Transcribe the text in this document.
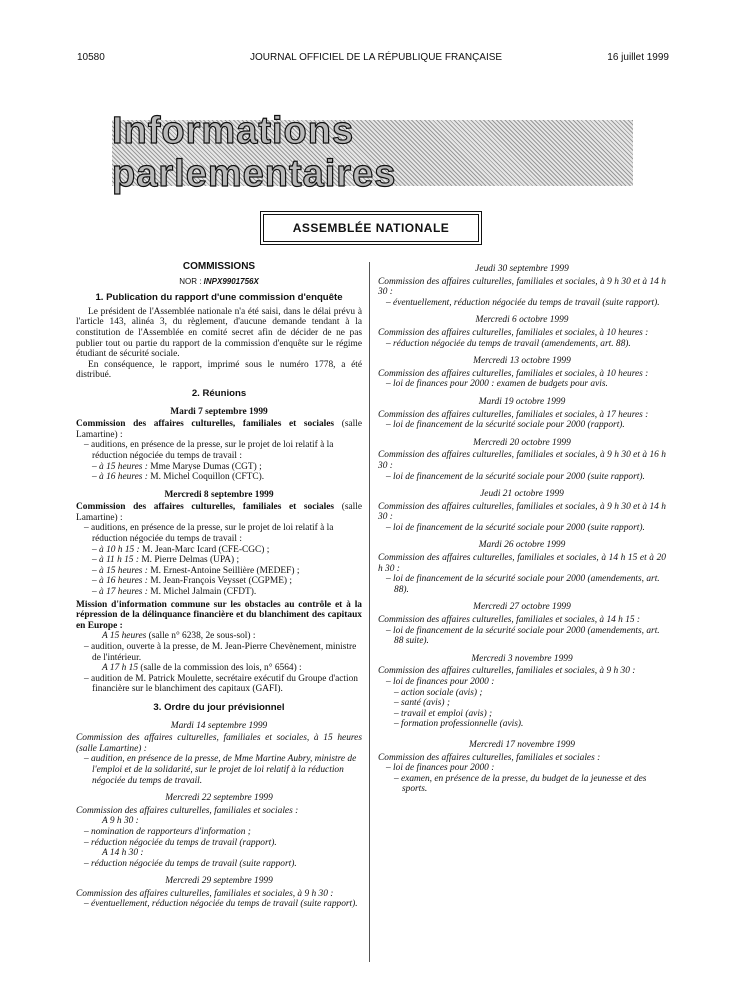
10580	JOURNAL OFFICIEL DE LA RÉPUBLIQUE FRANÇAISE	16 juillet 1999
Informations parlementaires
ASSEMBLÉE NATIONALE

COMMISSIONS

NOR : INPX9901756X

1. Publication du rapport d'une commission d'enquête

Le président de l'Assemblée nationale n'a été saisi, dans le délai prévu à l'article 143, alinéa 3, du règlement, d'aucune demande tendant à la constitution de l'Assemblée en comité secret afin de décider de ne pas publier tout ou partie du rapport de la commission d'enquête sur le régime étudiant de sécurité sociale.

En conséquence, le rapport, imprimé sous le numéro 1778, a été distribué.

2. Réunions

Mardi 7 septembre 1999

Commission des affaires culturelles, familiales et sociales (salle Lamartine) :

– auditions, en présence de la presse, sur le projet de loi relatif à la réduction négociée du temps de travail :

– à 15 heures : Mme Maryse Dumas (CGT) ;

– à 16 heures : M. Michel Coquillon (CFTC).

Mercredi 8 septembre 1999

Commission des affaires culturelles, familiales et sociales (salle Lamartine) :

– auditions, en présence de la presse, sur le projet de loi relatif à la réduction négociée du temps de travail :

– à 10 h 15 : M. Jean-Marc Icard (CFE-CGC) ;

– à 11 h 15 : M. Pierre Delmas (UPA) ;

– à 15 heures : M. Ernest-Antoine Seillière (MEDEF) ;

– à 16 heures : M. Jean-François Veysset (CGPME) ;

– à 17 heures : M. Michel Jalmain (CFDT).

Mission d'information commune sur les obstacles au contrôle et à la répression de la délinquance financière et du blanchiment des capitaux en Europe :

A 15 heures (salle n° 6238, 2e sous-sol) :

– audition, ouverte à la presse, de M. Jean-Pierre Chevènement, ministre de l'intérieur.

A 17 h 15 (salle de la commission des lois, n° 6564) :

– audition de M. Patrick Moulette, secrétaire exécutif du Groupe d'action financière sur le blanchiment des capitaux (GAFI).

3. Ordre du jour prévisionnel

Mardi 14 septembre 1999

Commission des affaires culturelles, familiales et sociales, à 15 heures (salle Lamartine) :

– audition, en présence de la presse, de Mme Martine Aubry, ministre de l'emploi et de la solidarité, sur le projet de loi relatif à la réduction négociée du temps de travail.

Mercredi 22 septembre 1999

Commission des affaires culturelles, familiales et sociales :

A 9 h 30 :

– nomination de rapporteurs d'information ;

– réduction négociée du temps de travail (rapport).

A 14 h 30 :

– réduction négociée du temps de travail (suite rapport).

Mercredi 29 septembre 1999

Commission des affaires culturelles, familiales et sociales, à 9 h 30 :

– éventuellement, réduction négociée du temps de travail (suite rapport).

Jeudi 30 septembre 1999

Commission des affaires culturelles, familiales et sociales, à 9 h 30 et à 14 h 30 :

– éventuellement, réduction négociée du temps de travail (suite rapport).

Mercredi 6 octobre 1999

Commission des affaires culturelles, familiales et sociales, à 10 heures :

– réduction négociée du temps de travail (amendements, art. 88).

Mercredi 13 octobre 1999

Commission des affaires culturelles, familiales et sociales, à 10 heures :

– loi de finances pour 2000 : examen de budgets pour avis.

Mardi 19 octobre 1999

Commission des affaires culturelles, familiales et sociales, à 17 heures :

– loi de financement de la sécurité sociale pour 2000 (rapport).

Mercredi 20 octobre 1999

Commission des affaires culturelles, familiales et sociales, à 9 h 30 et à 16 h 30 :

– loi de financement de la sécurité sociale pour 2000 (suite rapport).

Jeudi 21 octobre 1999

Commission des affaires culturelles, familiales et sociales, à 9 h 30 et à 14 h 30 :

– loi de financement de la sécurité sociale pour 2000 (suite rapport).

Mardi 26 octobre 1999

Commission des affaires culturelles, familiales et sociales, à 14 h 15 et à 20 h 30 :

– loi de financement de la sécurité sociale pour 2000 (amendements, art. 88).

Mercredi 27 octobre 1999

Commission des affaires culturelles, familiales et sociales, à 14 h 15 :

– loi de financement de la sécurité sociale pour 2000 (amendements, art. 88 suite).

Mercredi 3 novembre 1999

Commission des affaires culturelles, familiales et sociales, à 9 h 30 :

– loi de finances pour 2000 :

– action sociale (avis) ;

– santé (avis) ;

– travail et emploi (avis) ;

– formation professionnelle (avis).

Mercredi 17 novembre 1999

Commission des affaires culturelles, familiales et sociales :

– loi de finances pour 2000 :

– examen, en présence de la presse, du budget de la jeunesse et des sports.
